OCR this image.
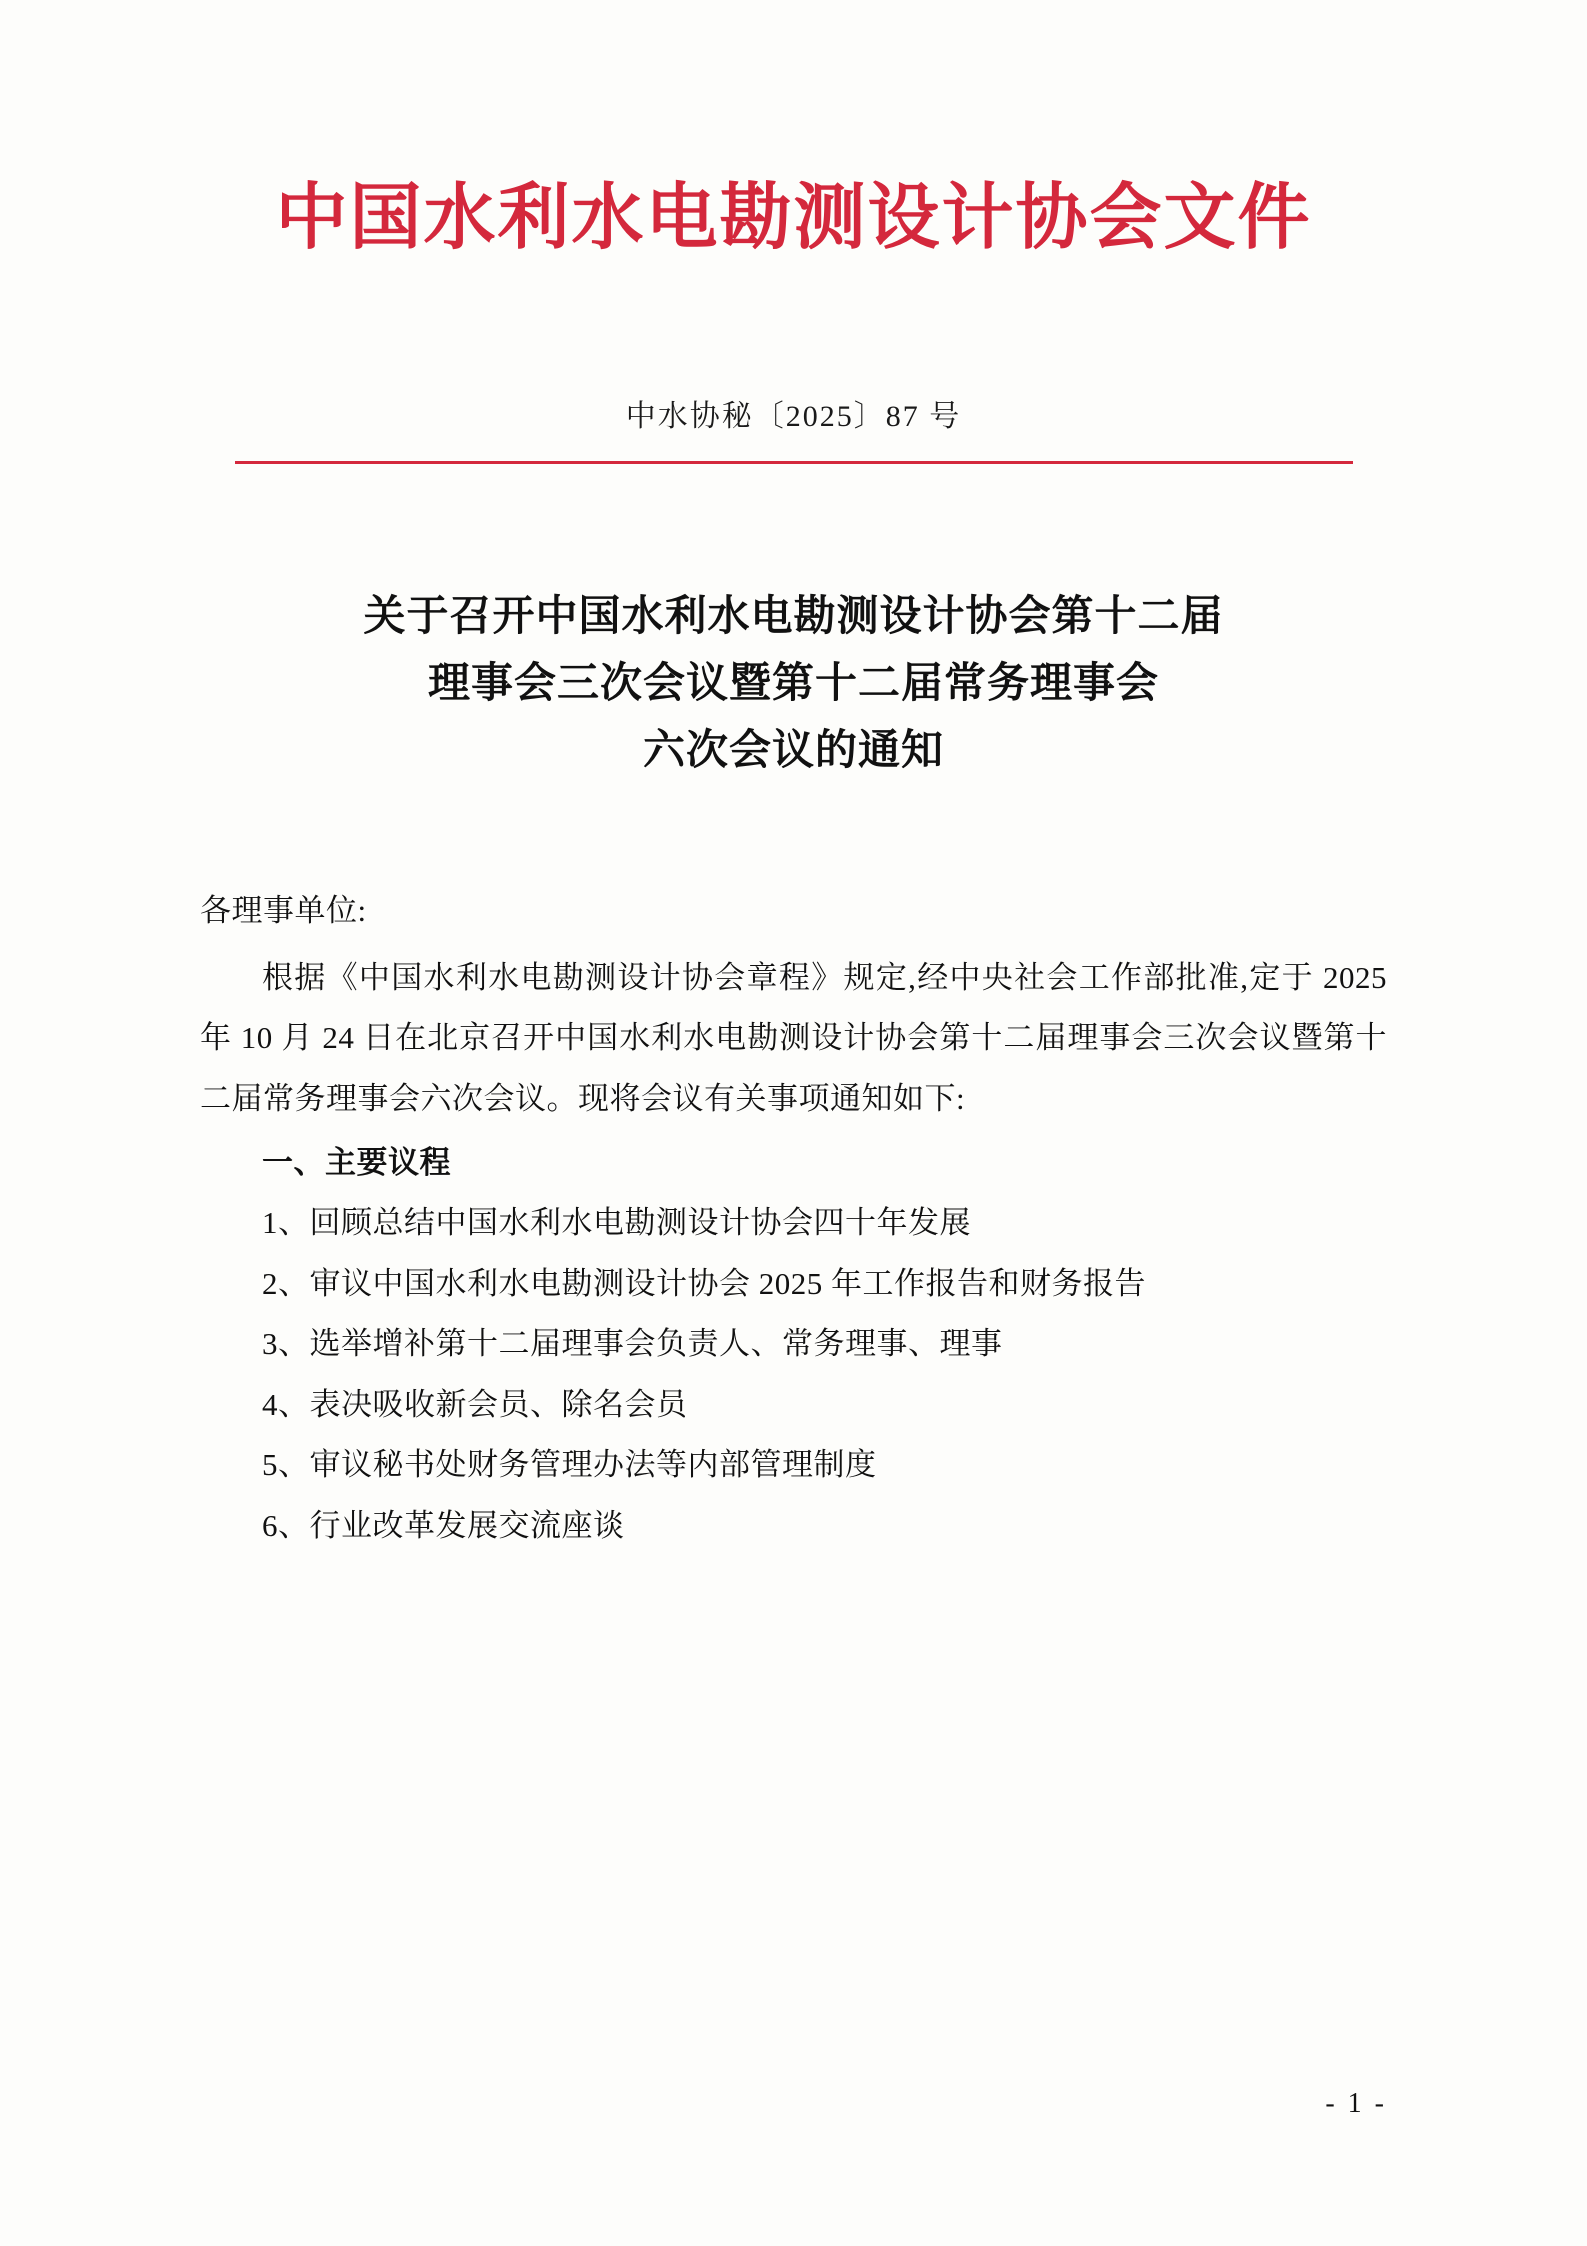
中国水利水电勘测设计协会文件
中水协秘〔2025〕87 号
关于召开中国水利水电勘测设计协会第十二届
理事会三次会议暨第十二届常务理事会
六次会议的通知
各理事单位:
根据《中国水利水电勘测设计协会章程》规定,经中央社会工作部批准,定于 2025 年 10 月 24 日在北京召开中国水利水电勘测设计协会第十二届理事会三次会议暨第十二届常务理事会六次会议。现将会议有关事项通知如下:
一、主要议程
1、回顾总结中国水利水电勘测设计协会四十年发展
2、审议中国水利水电勘测设计协会 2025 年工作报告和财务报告
3、选举增补第十二届理事会负责人、常务理事、理事
4、表决吸收新会员、除名会员
5、审议秘书处财务管理办法等内部管理制度
6、行业改革发展交流座谈
- 1 -
